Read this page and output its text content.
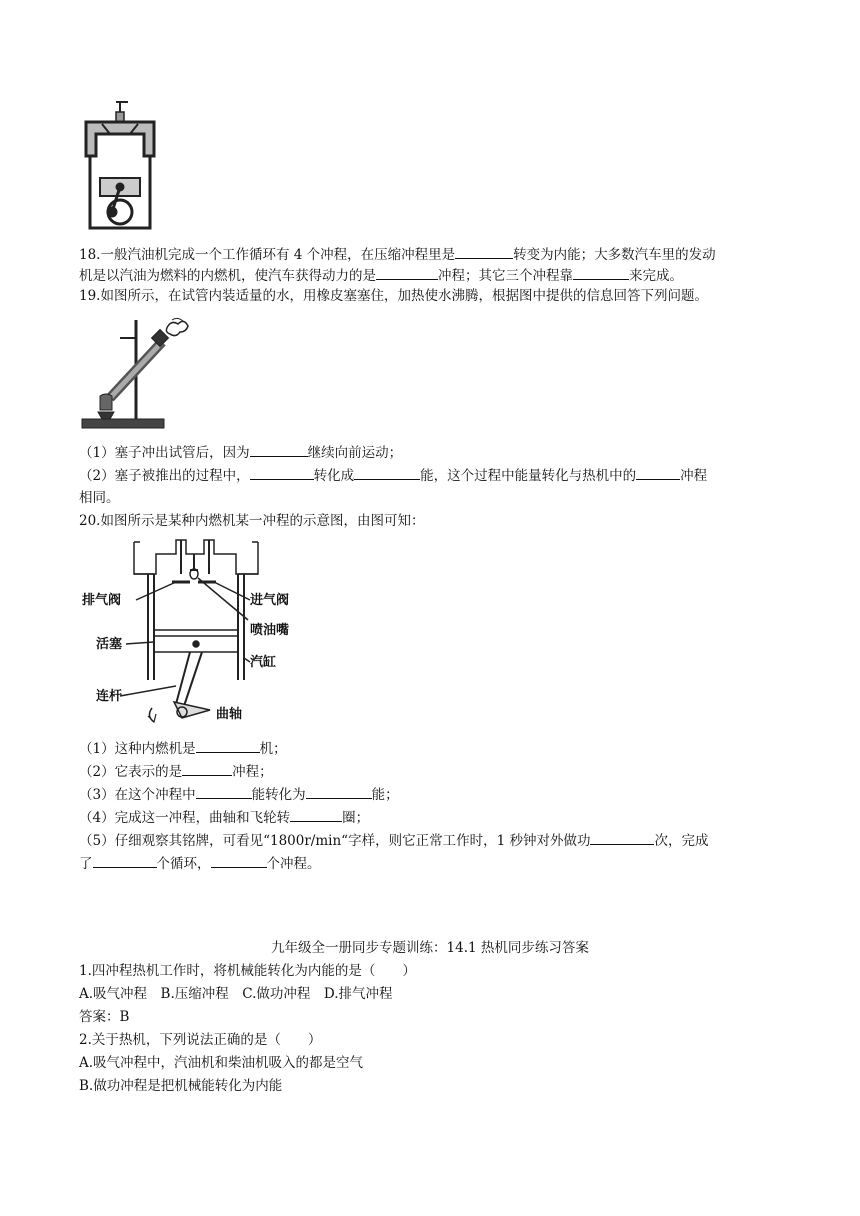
18.一般汽油机完成一个工作循环有 4 个冲程，在压缩冲程里是	转变为内能；大多数汽车里的发动
机是以汽油为燃料的内燃机，使汽车获得动力的是	冲程；其它三个冲程靠	来完成。
19.如图所示，在试管内装适量的水，用橡皮塞塞住，加热使水沸腾，根据图中提供的信息回答下列问题。
（1）塞子冲出试管后，因为	继续向前运动；
（2）塞子被推出的过程中，	转化成	能，这个过程中能量转化与热机中的	冲程
相同。
20.如图所示是某种内燃机某一冲程的示意图，由图可知：
排气阀	进气阀
喷油嘴
活塞
汽缸
连杆
曲轴
（1）这种内燃机是	机；
（2）它表示的是	冲程；
（3）在这个冲程中	能转化为	能；
（4）完成这一冲程，曲轴和飞轮转	圈；
（5）仔细观察其铭牌，可看见“1800r/min“字样，则它正常工作时，1 秒钟对外做功	次，完成
了	个循环，	个冲程。
九年级全一册同步专题训练：14.1 热机同步练习答案
1.四冲程热机工作时，将机械能转化为内能的是（　　）
A.吸气冲程　B.压缩冲程　C.做功冲程　D.排气冲程
答案：B
2.关于热机，下列说法正确的是（　　）
A.吸气冲程中，汽油机和柴油机吸入的都是空气
B.做功冲程是把机械能转化为内能
